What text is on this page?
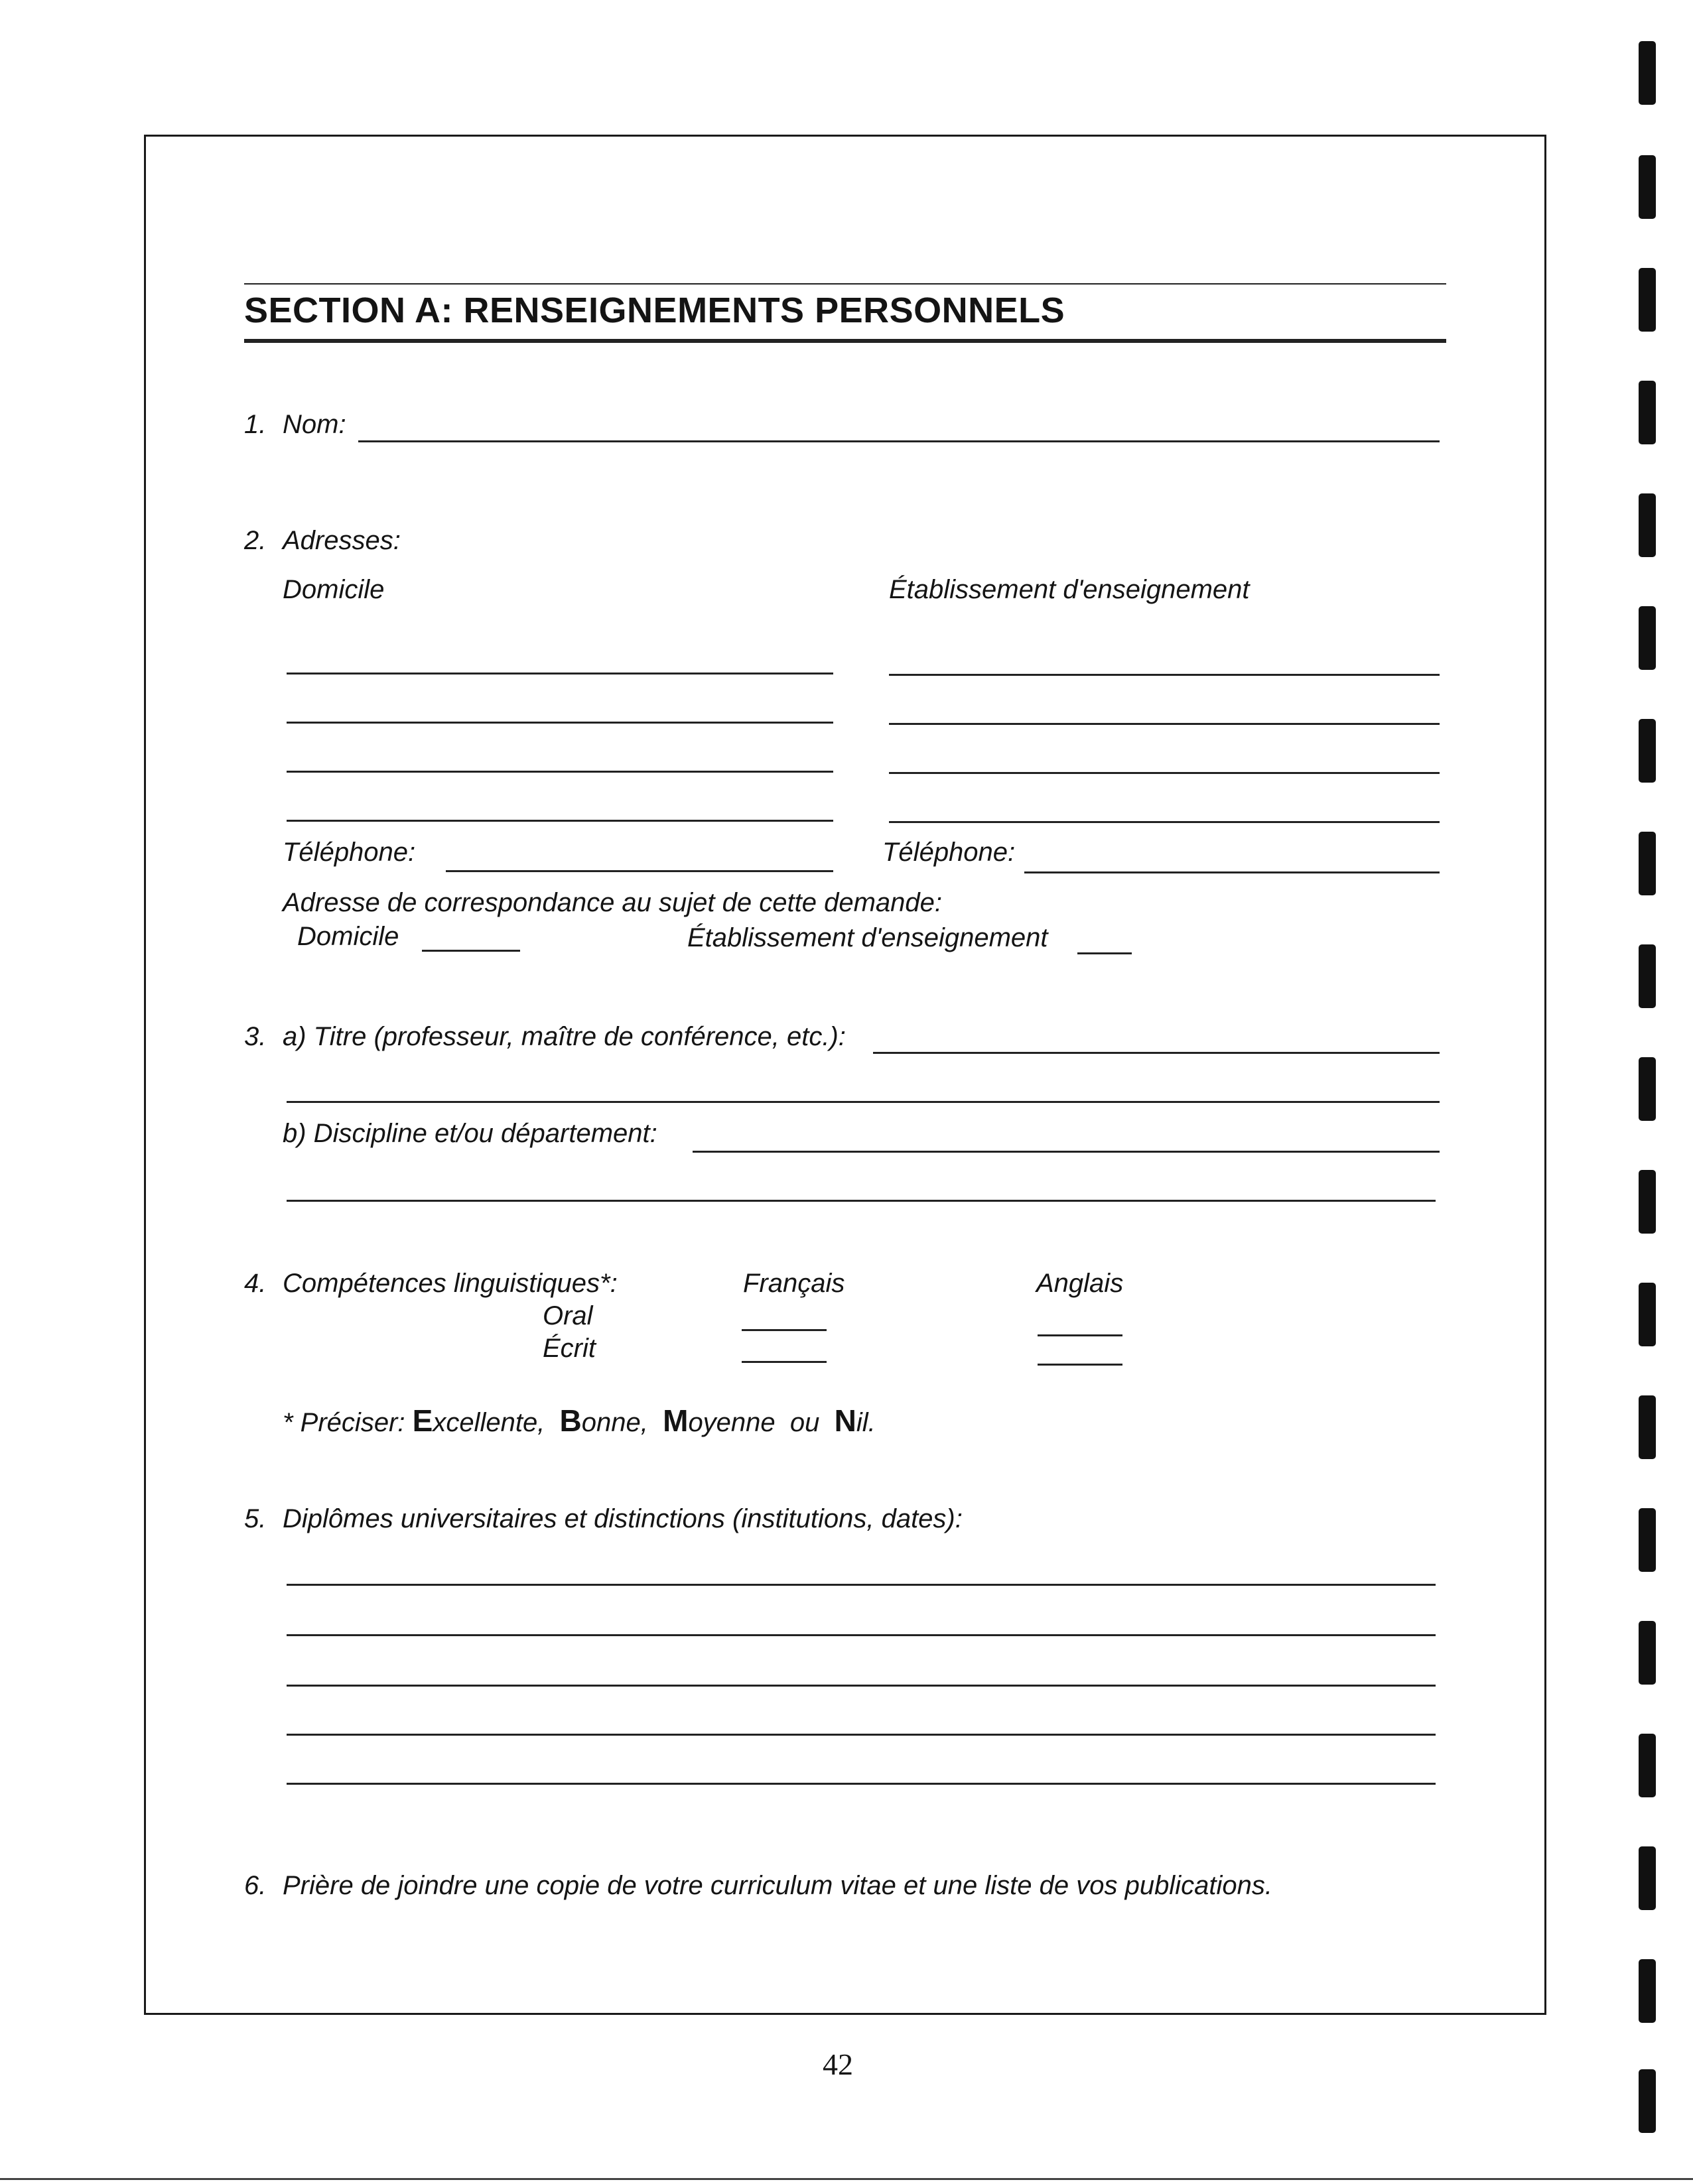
SECTION A: RENSEIGNEMENTS PERSONNELS
1. Nom:
2. Adresses:
Domicile	Établissement d'enseignement
Téléphone:	Téléphone:
Adresse de correspondance au sujet de cette demande:
Domicile	Établissement d'enseignement
3. a) Titre (professeur, maître de conférence, etc.):
b) Discipline et/ou département:
4. Compétences linguistiques*:	Français	Anglais
Oral
Écrit
* Préciser: Excellente, Bonne, Moyenne ou Nil.
5. Diplômes universitaires et distinctions (institutions, dates):
6. Prière de joindre une copie de votre curriculum vitae et une liste de vos publications.
42
